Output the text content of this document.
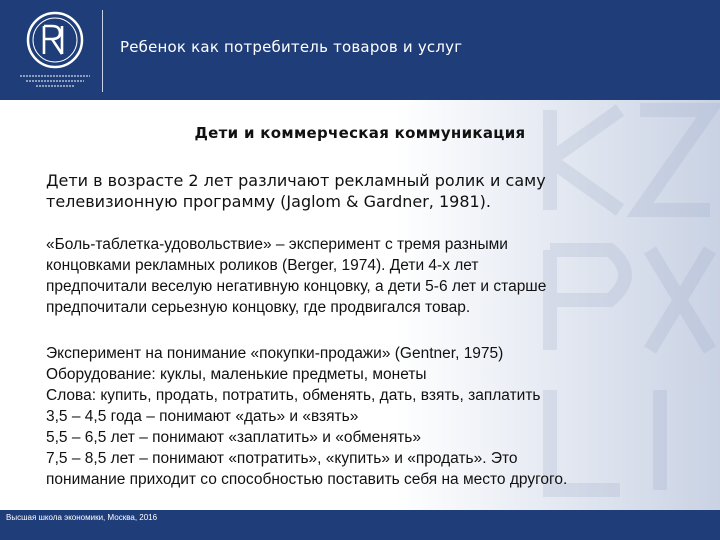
Ребенок как потребитель товаров и услуг
Дети и коммерческая коммуникация
Дети в возрасте 2 лет различают рекламный ролик и саму
телевизионную программу (Jaglom & Gardner, 1981).
«Боль-таблетка-удовольствие» – эксперимент с тремя разными
концовками рекламных роликов (Berger, 1974). Дети 4-х лет
предпочитали веселую негативную концовку, а дети 5-6 лет и старше
предпочитали серьезную концовку, где продвигался товар.
Эксперимент на понимание «покупки-продажи» (Gentner, 1975)
Оборудование: куклы, маленькие предметы, монеты
Слова: купить, продать, потратить, обменять, дать, взять, заплатить
3,5 – 4,5 года – понимают «дать» и «взять»
5,5 – 6,5 лет – понимают «заплатить» и «обменять»
7,5 – 8,5 лет – понимают «потратить», «купить» и «продать». Это
понимание приходит со способностью поставить себя на место другого.
Высшая школа экономики, Москва, 2016
